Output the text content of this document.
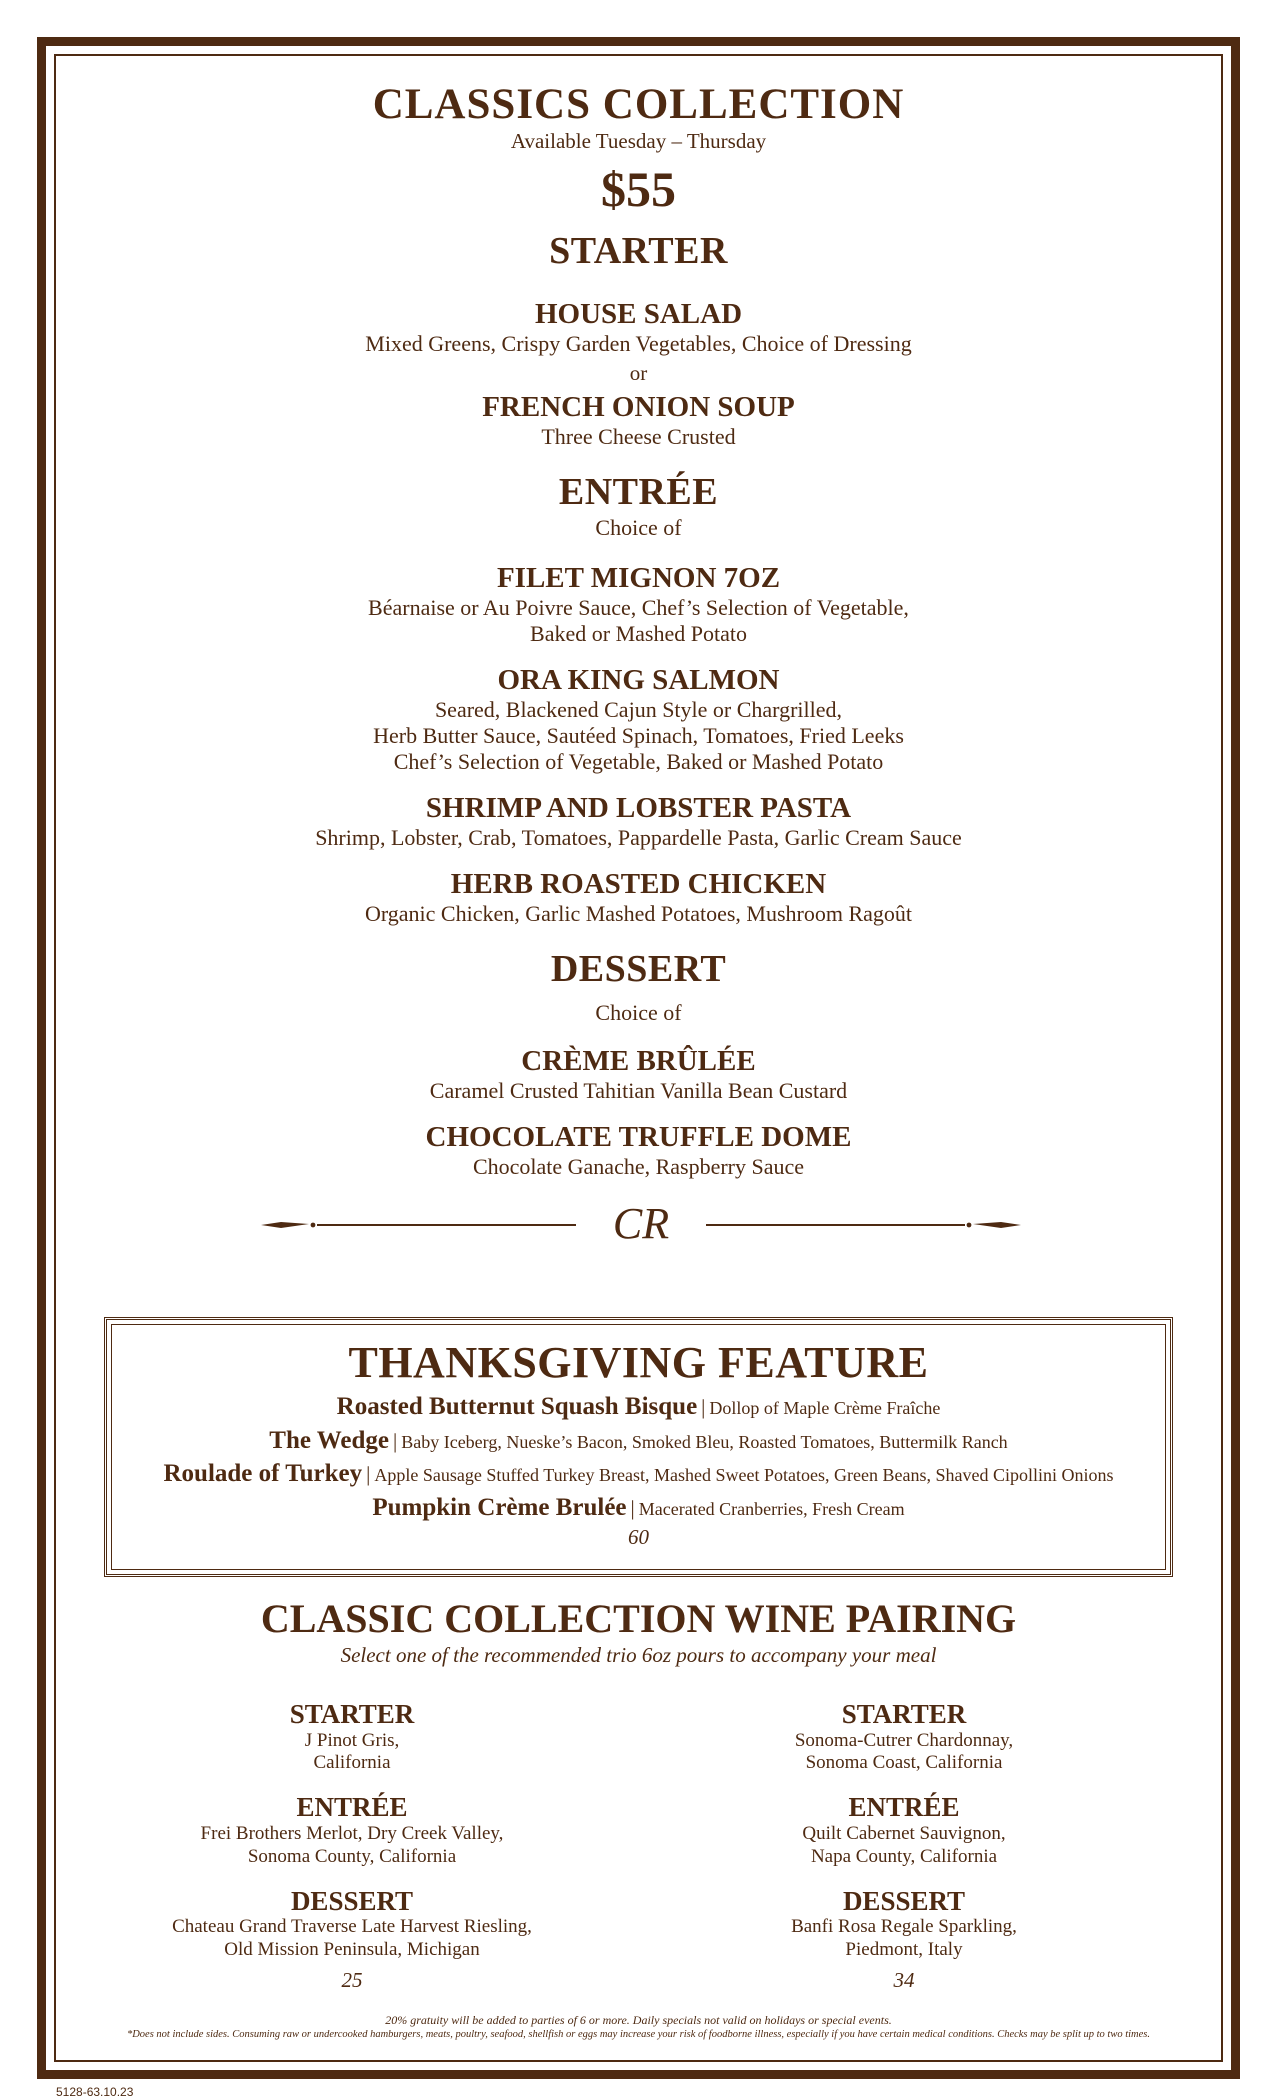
CLASSICS COLLECTION
Available Tuesday – Thursday
$55
STARTER
HOUSE SALAD
Mixed Greens, Crispy Garden Vegetables, Choice of Dressing
or
FRENCH ONION SOUP
Three Cheese Crusted
ENTRÉE
Choice of
FILET MIGNON 7OZ
Béarnaise or Au Poivre Sauce, Chef’s Selection of Vegetable,
Baked or Mashed Potato
ORA KING SALMON
Seared, Blackened Cajun Style or Chargrilled,
Herb Butter Sauce, Sautéed Spinach, Tomatoes, Fried Leeks
Chef’s Selection of Vegetable, Baked or Mashed Potato
SHRIMP AND LOBSTER PASTA
Shrimp, Lobster, Crab, Tomatoes, Pappardelle Pasta, Garlic Cream Sauce
HERB ROASTED CHICKEN
Organic Chicken, Garlic Mashed Potatoes, Mushroom Ragoût
DESSERT
Choice of
CRÈME BRÛLÉE
Caramel Crusted Tahitian Vanilla Bean Custard
CHOCOLATE TRUFFLE DOME
Chocolate Ganache, Raspberry Sauce
CR
THANKSGIVING FEATURE
Roasted Butternut Squash Bisque | Dollop of Maple Crème Fraîche
The Wedge | Baby Iceberg, Nueske’s Bacon, Smoked Bleu, Roasted Tomatoes, Buttermilk Ranch
Roulade of Turkey | Apple Sausage Stuffed Turkey Breast, Mashed Sweet Potatoes, Green Beans, Shaved Cipollini Onions
Pumpkin Crème Brulée | Macerated Cranberries, Fresh Cream
60
CLASSIC COLLECTION WINE PAIRING
Select one of the recommended trio 6oz pours to accompany your meal
STARTER
J Pinot Gris,
California
ENTRÉE
Frei Brothers Merlot, Dry Creek Valley,
Sonoma County, California
DESSERT
Chateau Grand Traverse Late Harvest Riesling,
Old Mission Peninsula, Michigan
25
STARTER
Sonoma-Cutrer Chardonnay,
Sonoma Coast, California
ENTRÉE
Quilt Cabernet Sauvignon,
Napa County, California
DESSERT
Banfi Rosa Regale Sparkling,
Piedmont, Italy
34
20% gratuity will be added to parties of 6 or more. Daily specials not valid on holidays or special events.
*Does not include sides. Consuming raw or undercooked hamburgers, meats, poultry, seafood, shellfish or eggs may increase your risk of foodborne illness, especially if you have certain medical conditions. Checks may be split up to two times.
5128-63.10.23
